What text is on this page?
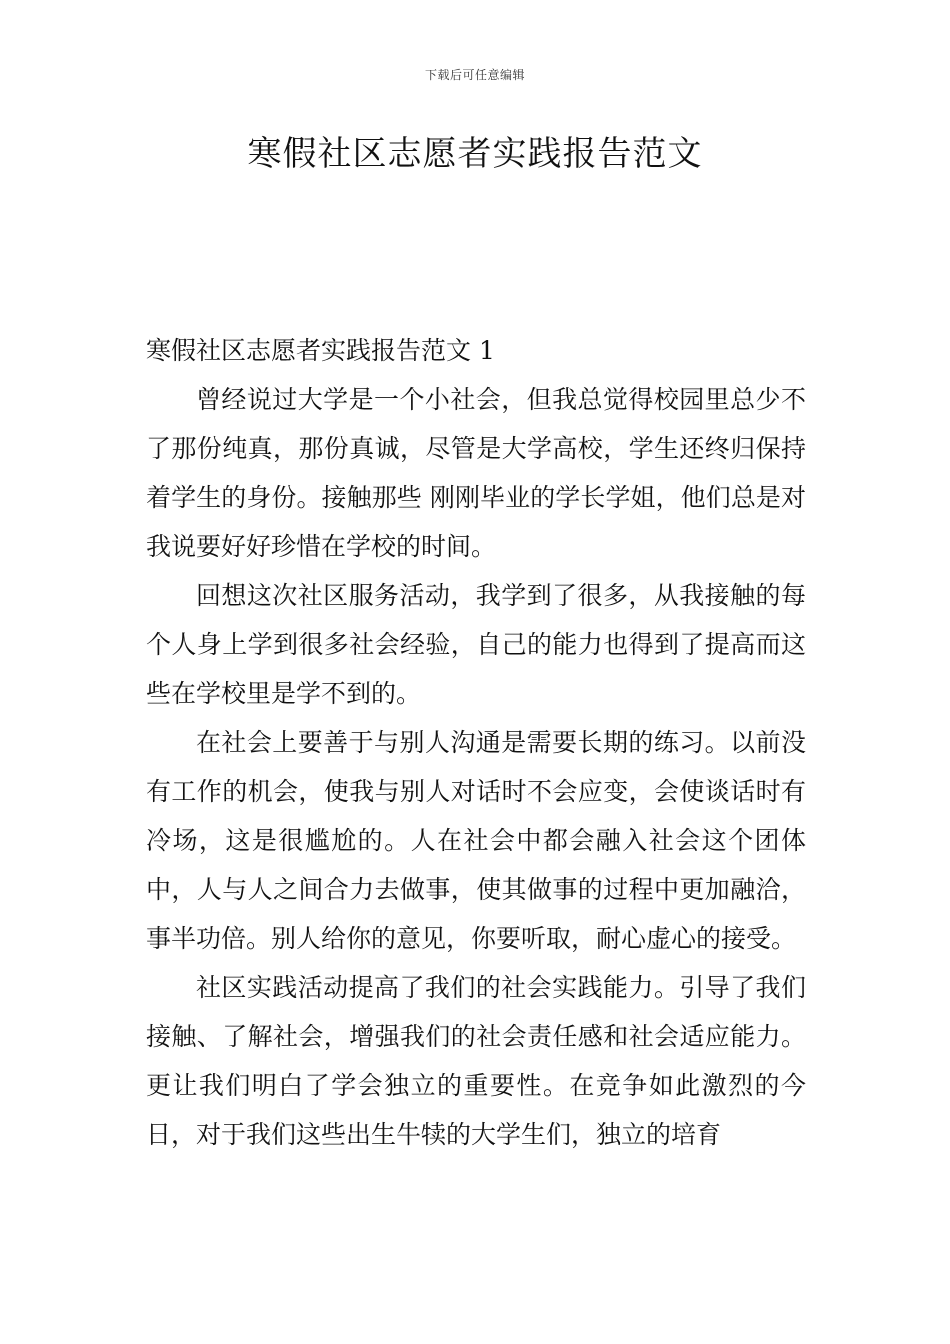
下载后可任意编辑
寒假社区志愿者实践报告范文

寒假社区志愿者实践报告范文 1

曾经说过大学是一个小社会，但我总觉得校园里总少不了那份纯真，那份真诚，尽管是大学高校，学生还终归保持着学生的身份。接触那些 刚刚毕业的学长学姐，他们总是对我说要好好珍惜在学校的时间。

回想这次社区服务活动，我学到了很多，从我接触的每个人身上学到很多社会经验，自己的能力也得到了提高而这些在学校里是学不到的。

在社会上要善于与别人沟通是需要长期的练习。以前没有工作的机会，使我与别人对话时不会应变，会使谈话时有冷场，这是很尴尬的。人在社会中都会融入社会这个团体中，人与人之间合力去做事，使其做事的过程中更加融洽，事半功倍。别人给你的意见，你要听取，耐心虚心的接受。

社区实践活动提高了我们的社会实践能力。引导了我们接触、了解社会，增强我们的社会责任感和社会适应能力。更让我们明白了学会独立的重要性。在竞争如此激烈的今日，对于我们这些出生牛犊的大学生们，独立的培育
